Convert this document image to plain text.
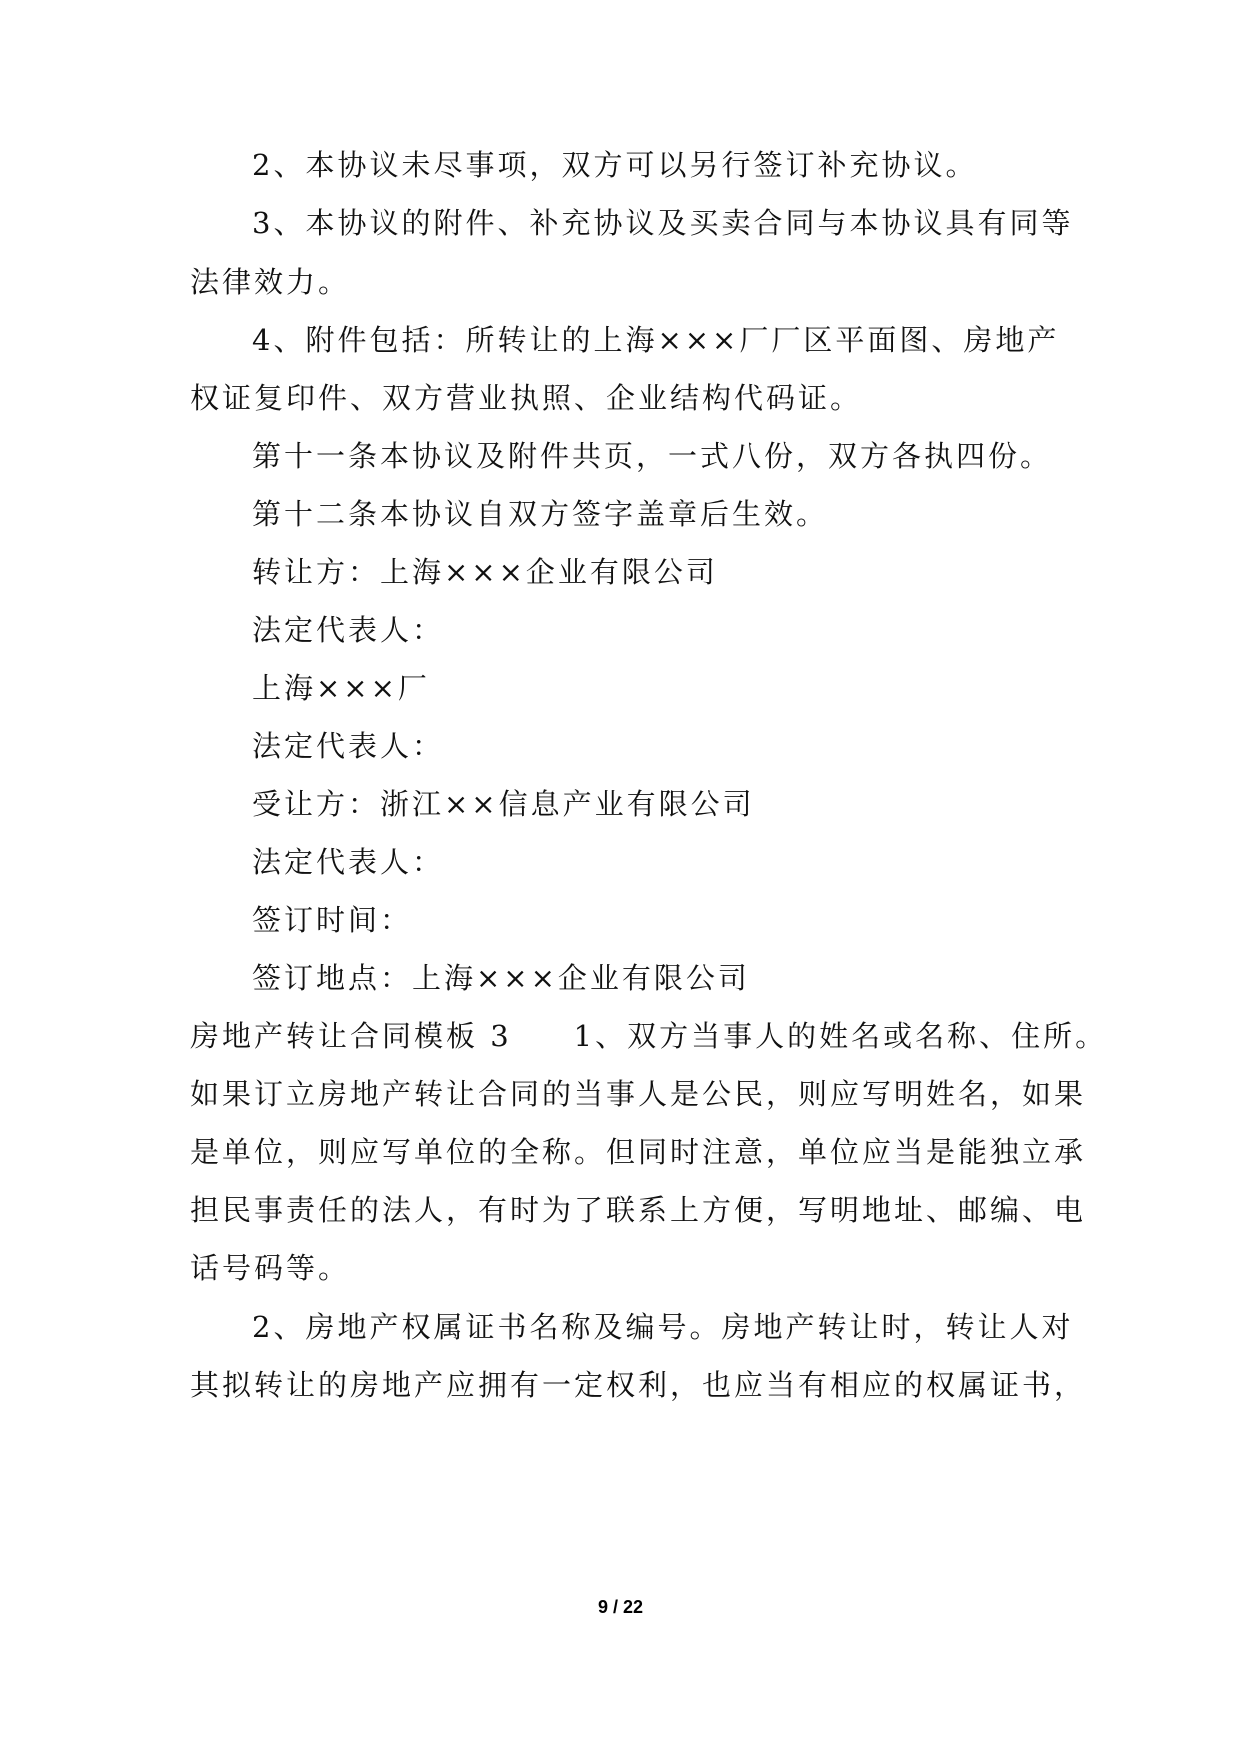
2、本协议未尽事项，双方可以另行签订补充协议。
3、本协议的附件、补充协议及买卖合同与本协议具有同等
法律效力。
4、附件包括：所转让的上海×××厂厂区平面图、房地产
权证复印件、双方营业执照、企业结构代码证。
第十一条本协议及附件共页，一式八份，双方各执四份。
第十二条本协议自双方签字盖章后生效。
转让方：上海×××企业有限公司
法定代表人：
上海×××厂
法定代表人：
受让方：浙江××信息产业有限公司
法定代表人：
签订时间：
签订地点：上海×××企业有限公司
房地产转让合同模板 3 1、双方当事人的姓名或名称、住所。
如果订立房地产转让合同的当事人是公民，则应写明姓名，如果
是单位，则应写单位的全称。但同时注意，单位应当是能独立承
担民事责任的法人，有时为了联系上方便，写明地址、邮编、电
话号码等。
2、房地产权属证书名称及编号。房地产转让时，转让人对
其拟转让的房地产应拥有一定权利，也应当有相应的权属证书，
9 / 22
